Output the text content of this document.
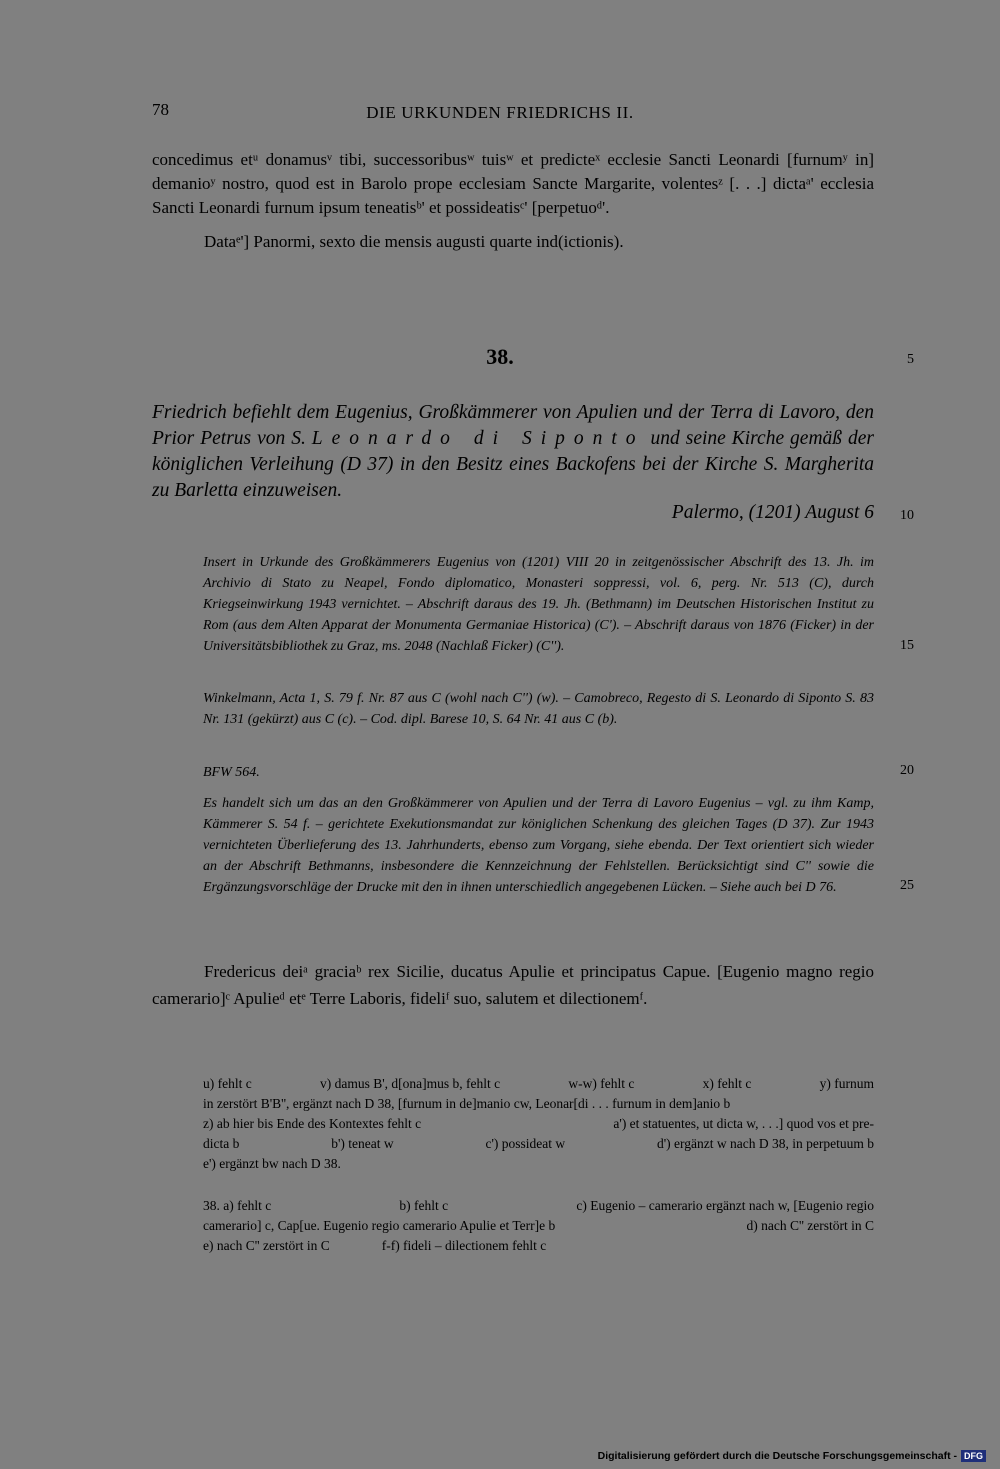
78	DIE URKUNDEN FRIEDRICHS II.

concedimus etᵘ donamusᵛ tibi, successoribusʷ tuisʷ et predicteˣ ecclesie Sancti Leonardi [furnumʸ in] demanioʸ nostro, quod est in Barolo prope ecclesiam Sancte Margarite, volentesᶻ [. . .] dictaᵃ' ecclesia Sancti Leonardi furnum ipsum teneatisᵇ' et possideatisᶜ' [perpetuoᵈ'.

Dataᵉ'] Panormi, sexto die mensis augusti quarte ind(ictionis).

38.	5
Friedrich befiehlt dem Eugenius, Großkämmerer von Apulien und der Terra di Lavoro, den Prior Petrus von S. Leonardo di Siponto und seine Kirche gemäß der königlichen Verleihung (D 37) in den Besitz eines Backofens bei der Kirche S. Margherita zu Barletta einzuweisen.
Palermo, (1201) August 6	10
Insert in Urkunde des Großkämmerers Eugenius von (1201) VIII 20 in zeitgenössischer Abschrift des 13. Jh. im Archivio di Stato zu Neapel, Fondo diplomatico, Monasteri soppressi, vol. 6, perg. Nr. 513 (C), durch Kriegseinwirkung 1943 vernichtet. – Abschrift daraus des 19. Jh. (Bethmann) im Deutschen Historischen Institut zu Rom (aus dem Alten Apparat der Monumenta Germaniae Historica) (C'). – Abschrift daraus von 1876 (Ficker) in der Universitätsbibliothek zu Graz, ms. 2048 (Nachlaß Ficker) (C'').	15
Winkelmann, Acta 1, S. 79 f. Nr. 87 aus C (wohl nach C'') (w). – Camobreco, Regesto di S. Leonardo di Siponto S. 83 Nr. 131 (gekürzt) aus C (c). – Cod. dipl. Barese 10, S. 64 Nr. 41 aus C (b).
BFW 564.	20
Es handelt sich um das an den Großkämmerer von Apulien und der Terra di Lavoro Eugenius – vgl. zu ihm Kamp, Kämmerer S. 54 f. – gerichtete Exekutionsmandat zur königlichen Schenkung des gleichen Tages (D 37). Zur 1943 vernichteten Überlieferung des 13. Jahrhunderts, ebenso zum Vorgang, siehe ebenda. Der Text orientiert sich wieder an der Abschrift Bethmanns, insbesondere die Kennzeichnung der Fehlstellen. Berücksichtigt sind C'' sowie die Ergänzungsvorschläge der Drucke mit den in ihnen unterschiedlich angegebenen Lücken. – Siehe auch bei D 76.	25
Fredericus deiᵃ graciaᵇ rex Sicilie, ducatus Apulie et principatus Capue. [Eugenio magno regio camerario]ᶜ Apulieᵈ etᵉ Terre Laboris, fideliᶠ suo, salutem et dilectionemᶠ.
u) fehlt c	v) damus B', d[ona]mus b, fehlt c	w-w) fehlt c	x) fehlt c	y) furnum
in zerstört B'B'', ergänzt nach D 38, [furnum in de]manio cw, Leonar[di . . . furnum in dem]anio b
z) ab hier bis Ende des Kontextes fehlt c	a') et statuentes, ut dicta w, . . .] quod vos et pre-
dicta b	b') teneat w	c') possideat w	d') ergänzt w nach D 38, in perpetuum b
e') ergänzt bw nach D 38.
38. a) fehlt c	b) fehlt c	c) Eugenio – camerario ergänzt nach w, [Eugenio regio
camerario] c, Cap[ue. Eugenio regio camerario Apulie et Terr]e b	d) nach C'' zerstört in C
e) nach C'' zerstört in C	f-f) fideli – dilectionem fehlt c
Digitalisierung gefördert durch die Deutsche Forschungsgemeinschaft - DFG
